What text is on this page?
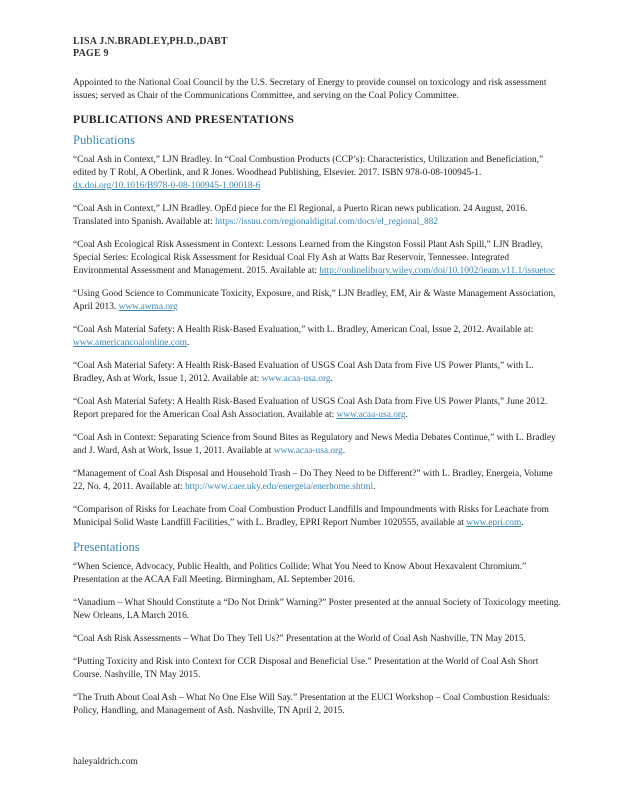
LISA J.N.BRADLEY,PH.D.,DABT
PAGE 9
Appointed to the National Coal Council by the U.S. Secretary of Energy to provide counsel on toxicology and risk assessment issues; served as Chair of the Communications Committee, and serving on the Coal Policy Committee.
PUBLICATIONS AND PRESENTATIONS
Publications
“Coal Ash in Context,” LJN Bradley. In “Coal Combustion Products (CCP’s): Characteristics, Utilization and Beneficiation,” edited by T Robl, A Oberlink, and R Jones. Woodhead Publishing, Elsevier. 2017. ISBN 978-0-08-100945-1. dx.doi.org/10.1016/B978-0-08-100945-1.00018-6
“Coal Ash in Context,” LJN Bradley. OpEd piece for the El Regional, a Puerto Rican news publication. 24 August, 2016. Translated into Spanish. Available at: https://issuu.com/regionaldigital.com/docs/el_regional_882
“Coal Ash Ecological Risk Assessment in Context: Lessons Learned from the Kingston Fossil Plant Ash Spill,” LJN Bradley, Special Series: Ecological Risk Assessment for Residual Coal Fly Ash at Watts Bar Reservoir, Tennessee. Integrated Environmental Assessment and Management. 2015. Available at: http://onlinelibrary.wiley.com/doi/10.1002/ieam.v11.1/issuetoc
“Using Good Science to Communicate Toxicity, Exposure, and Risk,” LJN Bradley, EM, Air & Waste Management Association, April 2013. www.awma.org
“Coal Ash Material Safety: A Health Risk-Based Evaluation,” with L. Bradley, American Coal, Issue 2, 2012. Available at: www.americancoalonline.com.
“Coal Ash Material Safety: A Health Risk-Based Evaluation of USGS Coal Ash Data from Five US Power Plants,” with L. Bradley, Ash at Work, Issue 1, 2012. Available at: www.acaa-usa.org.
“Coal Ash Material Safety: A Health Risk-Based Evaluation of USGS Coal Ash Data from Five US Power Plants,” June 2012. Report prepared for the American Coal Ash Association. Available at: www.acaa-usa.org.
“Coal Ash in Context: Separating Science from Sound Bites as Regulatory and News Media Debates Continue,” with L. Bradley and J. Ward, Ash at Work, Issue 1, 2011. Available at www.acaa-usa.org.
“Management of Coal Ash Disposal and Household Trash – Do They Need to be Different?” with L. Bradley, Energeia, Volume 22, No. 4, 2011. Available at: http://www.caer.uky.edu/energeia/enerhome.shtml.
“Comparison of Risks for Leachate from Coal Combustion Product Landfills and Impoundments with Risks for Leachate from Municipal Solid Waste Landfill Facilities,” with L. Bradley, EPRI Report Number 1020555, available at www.epri.com.
Presentations
“When Science, Advocacy, Public Health, and Politics Collide: What You Need to Know About Hexavalent Chromium.” Presentation at the ACAA Fall Meeting. Birmingham, AL September 2016.
“Vanadium – What Should Constitute a “Do Not Drink” Warning?” Poster presented at the annual Society of Toxicology meeting. New Orleans, LA March 2016.
“Coal Ash Risk Assessments – What Do They Tell Us?” Presentation at the World of Coal Ash Nashville, TN May 2015.
“Putting Toxicity and Risk into Context for CCR Disposal and Beneficial Use.” Presentation at the World of Coal Ash Short Course. Nashville, TN May 2015.
“The Truth About Coal Ash – What No One Else Will Say.” Presentation at the EUCI Workshop – Coal Combustion Residuals: Policy, Handling, and Management of Ash. Nashville, TN April 2, 2015.
haleyaldrich.com
